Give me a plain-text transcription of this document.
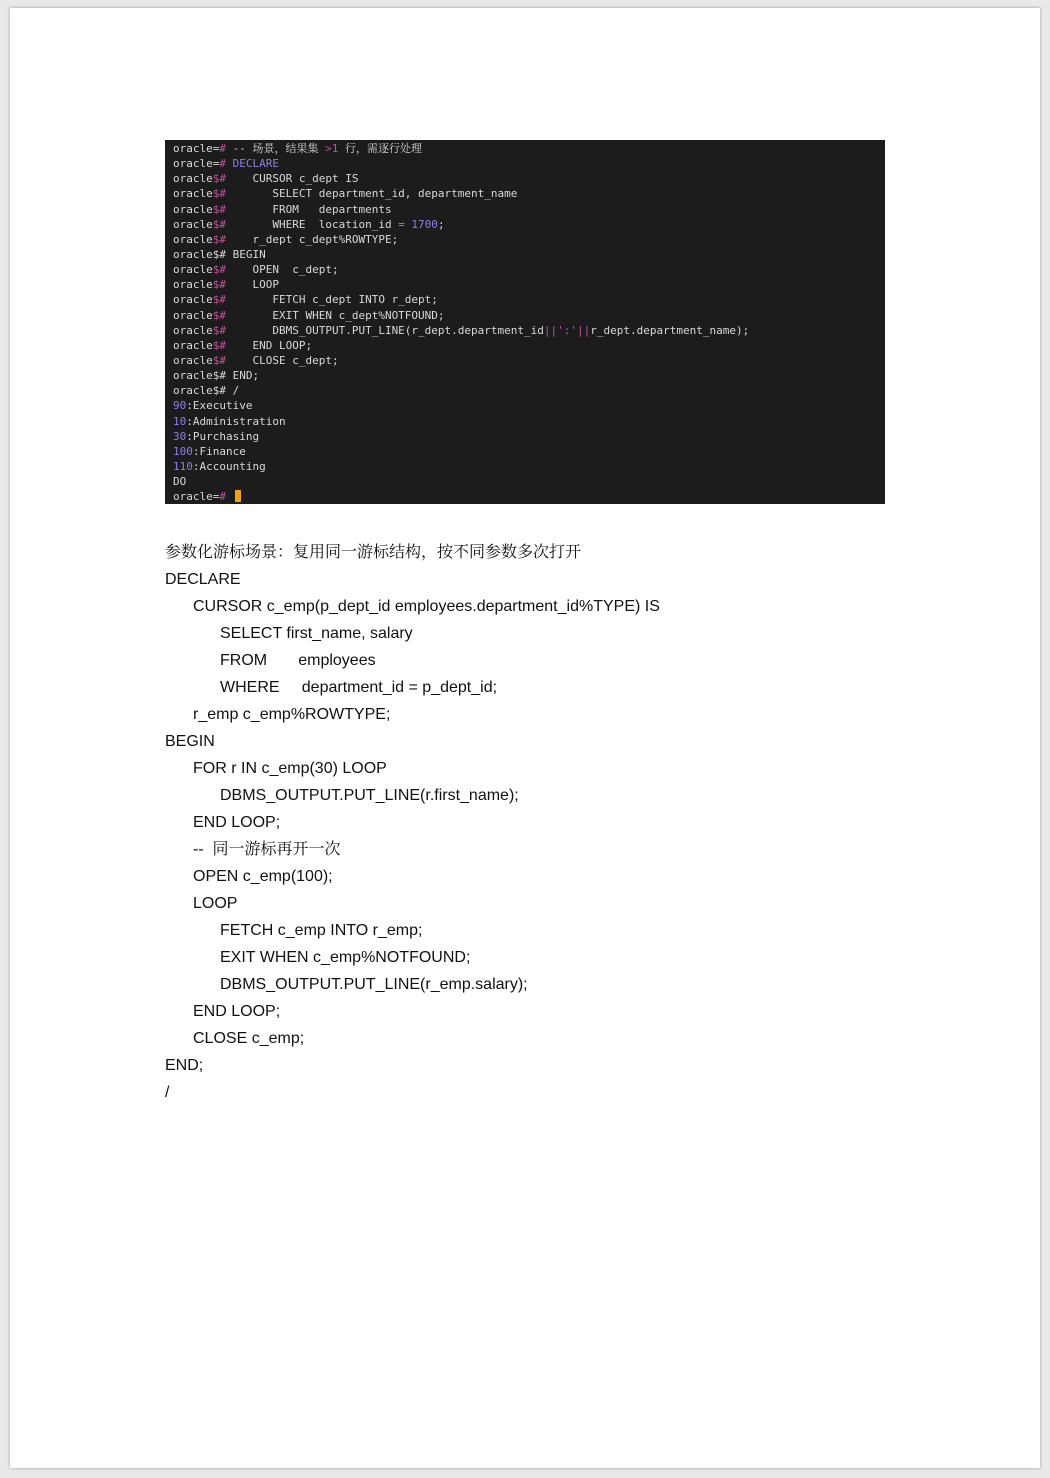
oracle=# -- 场景，结果集 >1 行，需逐行处理
oracle=# DECLARE
oracle$#    CURSOR c_dept IS
oracle$#       SELECT department_id, department_name
oracle$#       FROM   departments
oracle$#       WHERE  location_id = 1700;
oracle$#    r_dept c_dept%ROWTYPE;
oracle$# BEGIN
oracle$#    OPEN  c_dept;
oracle$#    LOOP
oracle$#       FETCH c_dept INTO r_dept;
oracle$#       EXIT WHEN c_dept%NOTFOUND;
oracle$#       DBMS_OUTPUT.PUT_LINE(r_dept.department_id||':'||r_dept.department_name);
oracle$#    END LOOP;
oracle$#    CLOSE c_dept;
oracle$# END;
oracle$# /
90:Executive
10:Administration
30:Purchasing
100:Finance
110:Accounting
DO
oracle=#
参数化游标场景：复用同一游标结构，按不同参数多次打开
DECLARE
CURSOR c_emp(p_dept_id employees.department_id%TYPE) IS
SELECT first_name, salary
FROM       employees
WHERE     department_id = p_dept_id;
r_emp c_emp%ROWTYPE;
BEGIN
FOR r IN c_emp(30) LOOP
DBMS_OUTPUT.PUT_LINE(r.first_name);
END LOOP;
--  同一游标再开一次
OPEN c_emp(100);
LOOP
FETCH c_emp INTO r_emp;
EXIT WHEN c_emp%NOTFOUND;
DBMS_OUTPUT.PUT_LINE(r_emp.salary);
END LOOP;
CLOSE c_emp;
END;
/
